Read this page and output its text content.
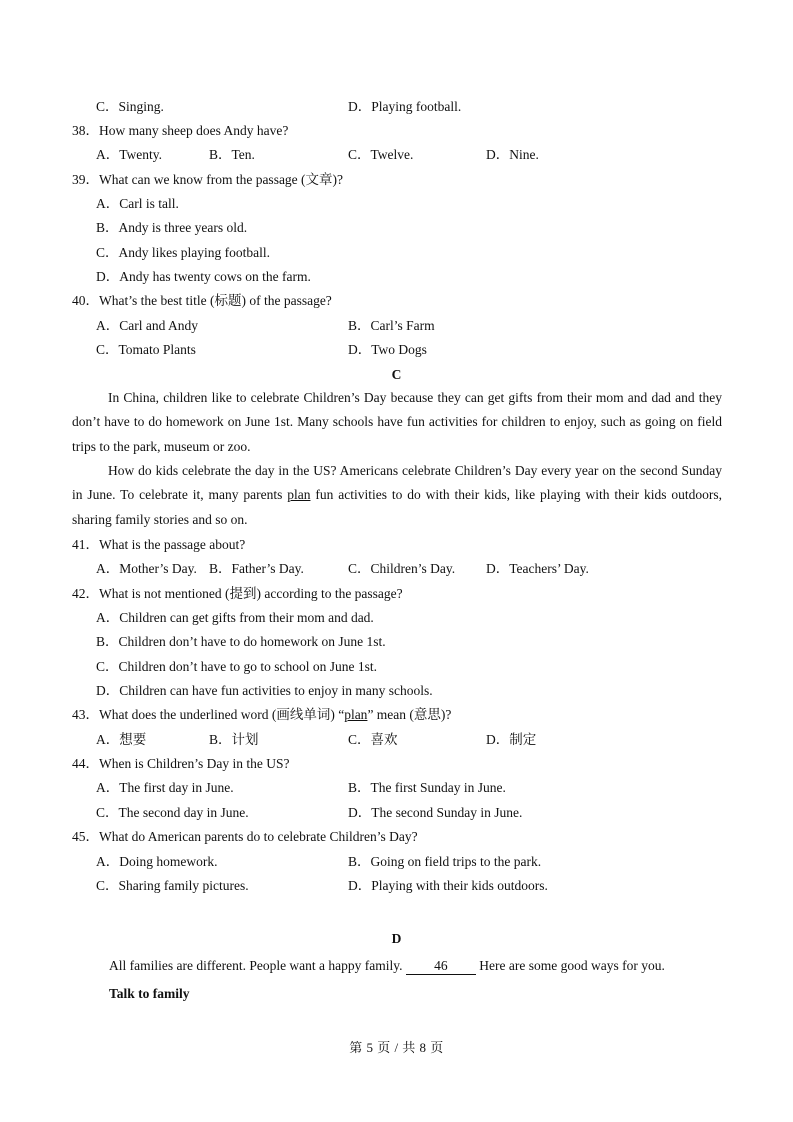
C．Singing.	D．Playing football.
38．How many sheep does Andy have?
A．Twenty.	B．Ten.	C．Twelve.	D．Nine.
39．What can we know from the passage (文章)?
A．Carl is tall.
B．Andy is three years old.
C．Andy likes playing football.
D．Andy has twenty cows on the farm.
40．What’s the best title (标题) of the passage?
A．Carl and Andy	B．Carl’s Farm
C．Tomato Plants	D．Two Dogs
C
In China, children like to celebrate Children’s Day because they can get gifts from their mom and dad and they don’t have to do homework on June 1st. Many schools have fun activities for children to enjoy, such as going on field trips to the park, museum or zoo.
How do kids celebrate the day in the US? Americans celebrate Children’s Day every year on the second Sunday in June. To celebrate it, many parents plan fun activities to do with their kids, like playing with their kids outdoors, sharing family stories and so on.
41．What is the passage about?
A．Mother’s Day. B．Father’s Day.	C．Children’s Day. D．Teachers’ Day.
42．What is not mentioned (提到) according to the passage?
A．Children can get gifts from their mom and dad.
B．Children don’t have to do homework on June 1st.
C．Children don’t have to go to school on June 1st.
D．Children can have fun activities to enjoy in many schools.
43．What does the underlined word (画线单词) “plan” mean (意思)?
A．想要	B．计划	C．喜欢	D．制定
44．When is Children’s Day in the US?
A．The first day in June.	B．The first Sunday in June.
C．The second day in June.	D．The second Sunday in June.
45．What do American parents do to celebrate Children’s Day?
A．Doing homework.	B．Going on field trips to the park.
C．Sharing family pictures.	D．Playing with their kids outdoors.
D
All families are different. People want a happy family. 46 Here are some good ways for you.
Talk to family
第 5 页 / 共 8 页
